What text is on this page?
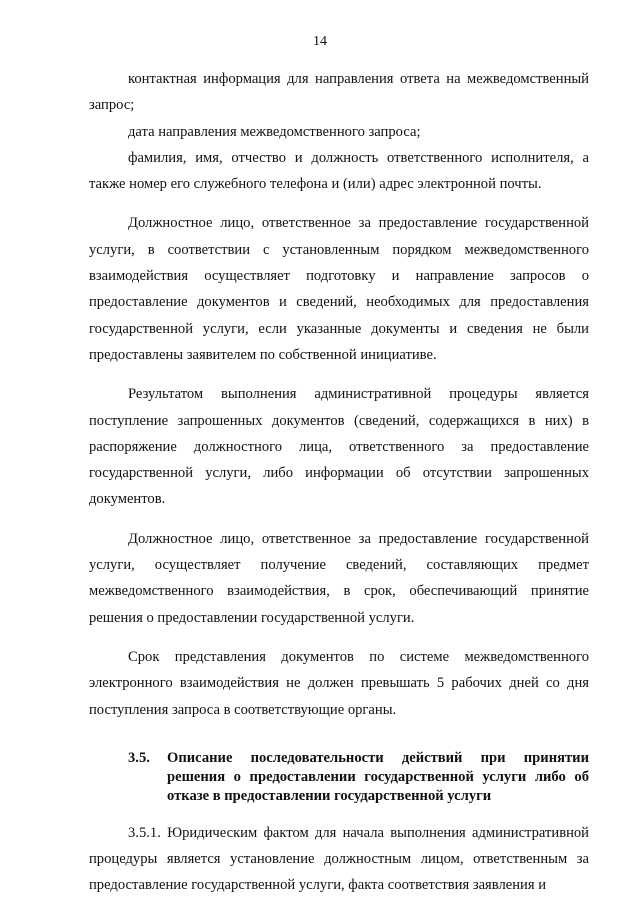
14

контактная информация для направления ответа на межведомственный запрос;

дата направления межведомственного запроса;

фамилия, имя, отчество и должность ответственного исполнителя, а также номер его служебного телефона и (или) адрес электронной почты.

Должностное лицо, ответственное за предоставление государственной услуги, в соответствии с установленным порядком межведомственного взаимодействия осуществляет подготовку и направление запросов о предоставление документов и сведений, необходимых для предоставления государственной услуги, если указанные документы и сведения не были предоставлены заявителем по собственной инициативе.

Результатом выполнения административной процедуры является поступление запрошенных документов (сведений, содержащихся в них) в распоряжение должностного лица, ответственного за предоставление государственной услуги, либо информации об отсутствии запрошенных документов.

Должностное лицо, ответственное за предоставление государственной услуги, осуществляет получение сведений, составляющих предмет межведомственного взаимодействия, в срок, обеспечивающий принятие решения о предоставлении государственной услуги.

Срок представления документов по системе межведомственного электронного взаимодействия не должен превышать 5 рабочих дней со дня поступления запроса в соответствующие органы.

3.5.	Описание последовательности действий при принятии решения о предоставлении государственной услуги либо об отказе в предоставлении государственной услуги

3.5.1. Юридическим фактом для начала выполнения административной процедуры является установление должностным лицом, ответственным за предоставление государственной услуги, факта соответствия заявления и
